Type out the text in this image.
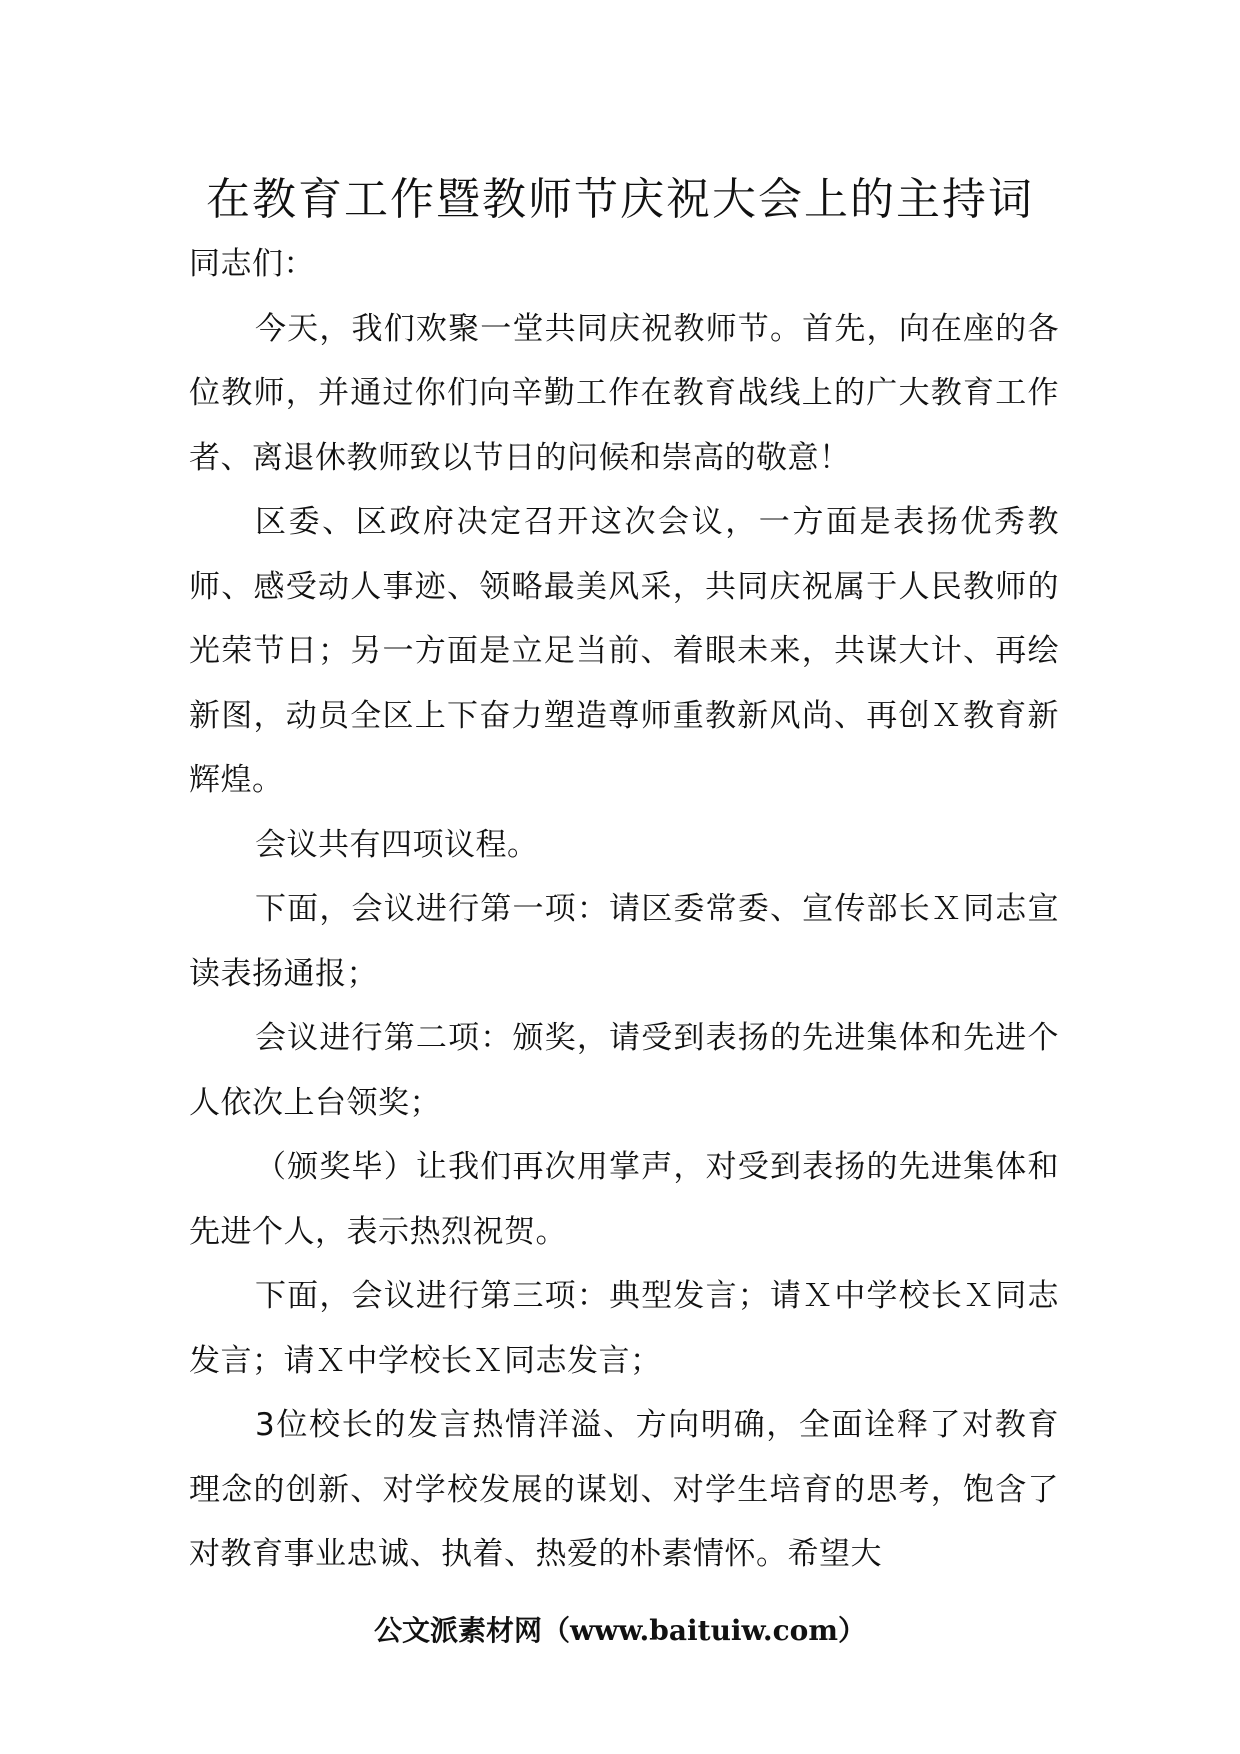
在教育工作暨教师节庆祝大会上的主持词

同志们：

今天，我们欢聚一堂共同庆祝教师节。首先，向在座的各位教师，并通过你们向辛勤工作在教育战线上的广大教育工作者、离退休教师致以节日的问候和崇高的敬意！

区委、区政府决定召开这次会议，一方面是表扬优秀教师、感受动人事迹、领略最美风采，共同庆祝属于人民教师的光荣节日；另一方面是立足当前、着眼未来，共谋大计、再绘新图，动员全区上下奋力塑造尊师重教新风尚、再创Ｘ教育新辉煌。

会议共有四项议程。

下面，会议进行第一项：请区委常委、宣传部长Ｘ同志宣读表扬通报；

会议进行第二项：颁奖，请受到表扬的先进集体和先进个人依次上台领奖；

（颁奖毕）让我们再次用掌声，对受到表扬的先进集体和先进个人，表示热烈祝贺。

下面，会议进行第三项：典型发言；请Ｘ中学校长Ｘ同志发言；请Ｘ中学校长Ｘ同志发言；

3位校长的发言热情洋溢、方向明确，全面诠释了对教育理念的创新、对学校发展的谋划、对学生培育的思考，饱含了对教育事业忠诚、执着、热爱的朴素情怀。希望大

公文派素材网（www.baituiw.com）
